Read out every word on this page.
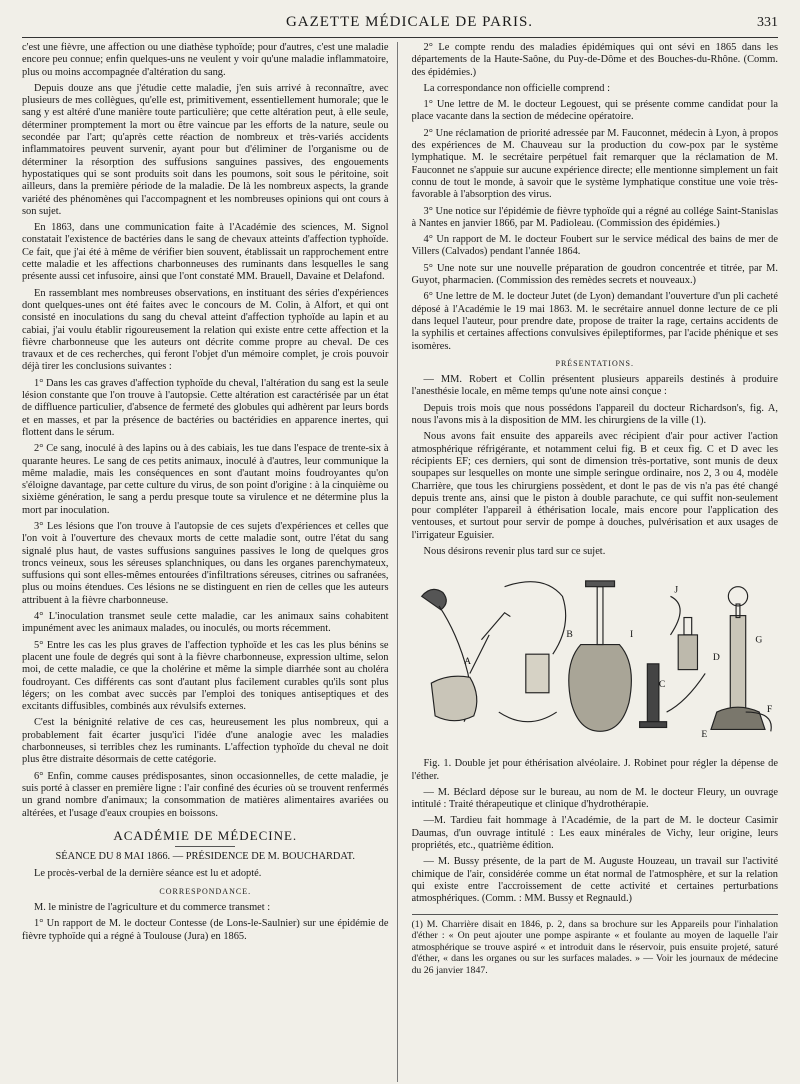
GAZETTE MÉDICALE DE PARIS.	331

c'est une fièvre, une affection ou une diathèse typhoïde; pour d'autres, c'est une maladie encore peu connue; enfin quelques-uns ne veulent y voir qu'une maladie inflammatoire, plus ou moins accompagnée d'altération du sang.

Depuis douze ans que j'étudie cette maladie, j'en suis arrivé à reconnaître, avec plusieurs de mes collègues, qu'elle est, primitivement, essentiellement humorale; que le sang y est altéré d'une manière toute particulière; que cette altération peut, à elle seule, déterminer promptement la mort ou être vaincue par les efforts de la nature, seule ou secondée par l'art; qu'après cette réaction de nombreux et très-variés accidents inflammatoires peuvent survenir, ayant pour but d'éliminer de l'organisme ou de déterminer la résorption des suffusions sanguines passives, des engouements hypostatiques qui se sont produits soit dans les poumons, soit sous le péritoine, soit ailleurs, dans la première période de la maladie. De là les nombreux aspects, la grande variété des phénomènes qui l'accompagnent et les nombreuses opinions qui ont cours à son sujet.

En 1863, dans une communication faite à l'Académie des sciences, M. Signol constatait l'existence de bactéries dans le sang de chevaux atteints d'affection typhoïde. Ce fait, que j'ai été à même de vérifier bien souvent, établissait un rapprochement entre cette maladie et les affections charbonneuses des ruminants dans lesquelles le sang présente aussi cet infusoire, ainsi que l'ont constaté MM. Brauell, Davaine et Delafond.

En rassemblant mes nombreuses observations, en instituant des séries d'expériences dont quelques-unes ont été faites avec le concours de M. Colin, à Alfort, et qui ont consisté en inoculations du sang du cheval atteint d'affection typhoïde au lapin et au cabiai, j'ai voulu établir rigoureusement la relation qui existe entre cette affection et la fièvre charbonneuse que les auteurs ont décrite comme propre au cheval. De ces travaux et de ces recherches, qui feront l'objet d'un mémoire complet, je crois pouvoir déjà tirer les conclusions suivantes :

1° Dans les cas graves d'affection typhoïde du cheval, l'altération du sang est la seule lésion constante que l'on trouve à l'autopsie. Cette altération est caractérisée par un état de diffluence particulier, d'absence de fermeté des globules qui adhèrent par leurs bords et en masses, et par la présence de bactéries ou bactéridies en apparence inertes, qui flottent dans le sérum.

2° Ce sang, inoculé à des lapins ou à des cabiais, les tue dans l'espace de trente-six à quarante heures. Le sang de ces petits animaux, inoculé à d'autres, leur communique la même maladie, mais les conséquences en sont d'autant moins foudroyantes qu'on s'éloigne davantage, par cette culture du virus, de son point d'origine : à la cinquième ou sixième génération, le sang a perdu presque toute sa virulence et ne détermine plus la mort par inoculation.

3° Les lésions que l'on trouve à l'autopsie de ces sujets d'expériences et celles que l'on voit à l'ouverture des chevaux morts de cette maladie sont, outre l'état du sang signalé plus haut, de vastes suffusions sanguines passives le long de quelques gros troncs veineux, sous les séreuses splanchniques, ou dans les organes parenchymateux, suffusions qui sont elles-mêmes entourées d'infiltrations séreuses, citrines ou safranées, plus ou moins étendues. Ces lésions ne se distinguent en rien de celles que les auteurs attribuent à la fièvre charbonneuse.

4° L'inoculation transmet seule cette maladie, car les animaux sains cohabitent impunément avec les animaux malades, ou inoculés, ou morts récemment.

5° Entre les cas les plus graves de l'affection typhoïde et les cas les plus bénins se placent une foule de degrés qui sont à la fièvre charbonneuse, expression ultime, selon moi, de cette maladie, ce que la cholérine et même la simple diarrhée sont au choléra foudroyant. Ces différents cas sont d'autant plus facilement curables qu'ils sont plus légers; on les combat avec succès par l'emploi des toniques antiseptiques et des excitants diffusibles, combinés aux révulsifs externes.

C'est la bénignité relative de ces cas, heureusement les plus nombreux, qui a probablement fait écarter jusqu'ici l'idée d'une analogie avec les maladies charbonneuses, si terribles chez les ruminants. L'affection typhoïde du cheval ne doit plus être distraite désormais de cette catégorie.

6° Enfin, comme causes prédisposantes, sinon occasionnelles, de cette maladie, je suis porté à classer en première ligne : l'air confiné des écuries où se trouvent renfermés un grand nombre d'animaux; la consommation de matières alimentaires avariées ou altérées, et l'usage d'eaux croupies en boissons.

ACADÉMIE DE MÉDECINE.
SÉANCE DU 8 MAI 1866. — PRÉSIDENCE DE M. BOUCHARDAT.

Le procès-verbal de la dernière séance est lu et adopté.

CORRESPONDANCE.

M. le ministre de l'agriculture et du commerce transmet :

1° Un rapport de M. le docteur Contesse (de Lons-le-Saulnier) sur une épidémie de fièvre typhoïde qui a régné à Toulouse (Jura) en 1865.

2° Le compte rendu des maladies épidémiques qui ont sévi en 1865 dans les départements de la Haute-Saône, du Puy-de-Dôme et des Bouches-du-Rhône. (Comm. des épidémies.)

La correspondance non officielle comprend :

1° Une lettre de M. le docteur Legouest, qui se présente comme candidat pour la place vacante dans la section de médecine opératoire.

2° Une réclamation de priorité adressée par M. Fauconnet, médecin à Lyon, à propos des expériences de M. Chauveau sur la production du cow-pox par le système lymphatique. M. le secrétaire perpétuel fait remarquer que la réclamation de M. Fauconnet ne s'appuie sur aucune expérience directe; elle mentionne simplement un fait connu de tout le monde, à savoir que le système lymphatique constitue une voie très-favorable à l'absorption des virus.

3° Une notice sur l'épidémie de fièvre typhoïde qui a régné au collége Saint-Stanislas à Nantes en janvier 1866, par M. Padioleau. (Commission des épidémies.)

4° Un rapport de M. le docteur Foubert sur le service médical des bains de mer de Villers (Calvados) pendant l'année 1864.

5° Une note sur une nouvelle préparation de goudron concentrée et titrée, par M. Guyot, pharmacien. (Commission des remèdes secrets et nouveaux.)

6° Une lettre de M. le docteur Jutet (de Lyon) demandant l'ouverture d'un pli cacheté déposé à l'Académie le 19 mai 1863. M. le secrétaire annuel donne lecture de ce pli dans lequel l'auteur, pour prendre date, propose de traiter la rage, certains accidents de la syphilis et certaines affections convulsives épileptiformes, par l'acide phénique et ses isomères.

PRÉSENTATIONS.

— MM. Robert et Collin présentent plusieurs appareils destinés à produire l'anesthésie locale, en même temps qu'une note ainsi conçue :

Depuis trois mois que nous possédons l'appareil du docteur Richardson's, fig. A, nous l'avons mis à la disposition de MM. les chirurgiens de la ville (1).

Nous avons fait ensuite des appareils avec récipient d'air pour activer l'action atmosphérique réfrigérante, et notamment celui fig. B et ceux fig. C et D avec les récipients EF; ces derniers, qui sont de dimension très-portative, sont munis de deux soupapes sur lesquelles on monte une simple seringue ordinaire, nos 2, 3 ou 4, modèle Charrière, que tous les chirurgiens possèdent, et dont le pas de vis n'a pas été changé depuis trente ans, ainsi que le piston à double parachute, ce qui suffit non-seulement pour compléter l'appareil à éthérisation locale, mais encore pour l'application des ventouses, et surtout pour servir de pompe à douches, pulvérisation et aux usages de l'irrigateur Eguisier.

Nous désirons revenir plus tard sur ce sujet.

A
B	I
J
C
D
E
G
F

Fig. 1. Double jet pour éthérisation alvéolaire. J. Robinet pour régler la dépense de l'éther.

— M. Béclard dépose sur le bureau, au nom de M. le docteur Fleury, un ouvrage intitulé : Traité thérapeutique et clinique d'hydrothérapie.

—M. Tardieu fait hommage à l'Académie, de la part de M. le docteur Casimir Daumas, d'un ouvrage intitulé : Les eaux minérales de Vichy, leur origine, leurs propriétés, etc., quatrième édition.

— M. Bussy présente, de la part de M. Auguste Houzeau, un travail sur l'activité chimique de l'air, considérée comme un état normal de l'atmosphère, et sur la relation qui existe entre l'accroissement de cette activité et certaines perturbations atmosphériques. (Comm. : MM. Bussy et Regnauld.)

(1) M. Charrière disait en 1846, p. 2, dans sa brochure sur les Appareils pour l'inhalation d'éther : « On peut ajouter une pompe aspirante « et foulante au moyen de laquelle l'air atmosphérique se trouve aspiré « et introduit dans le réservoir, puis ensuite projeté, saturé d'éther, « dans les organes ou sur les surfaces malades. » — Voir les journaux de médecine du 26 janvier 1847.
